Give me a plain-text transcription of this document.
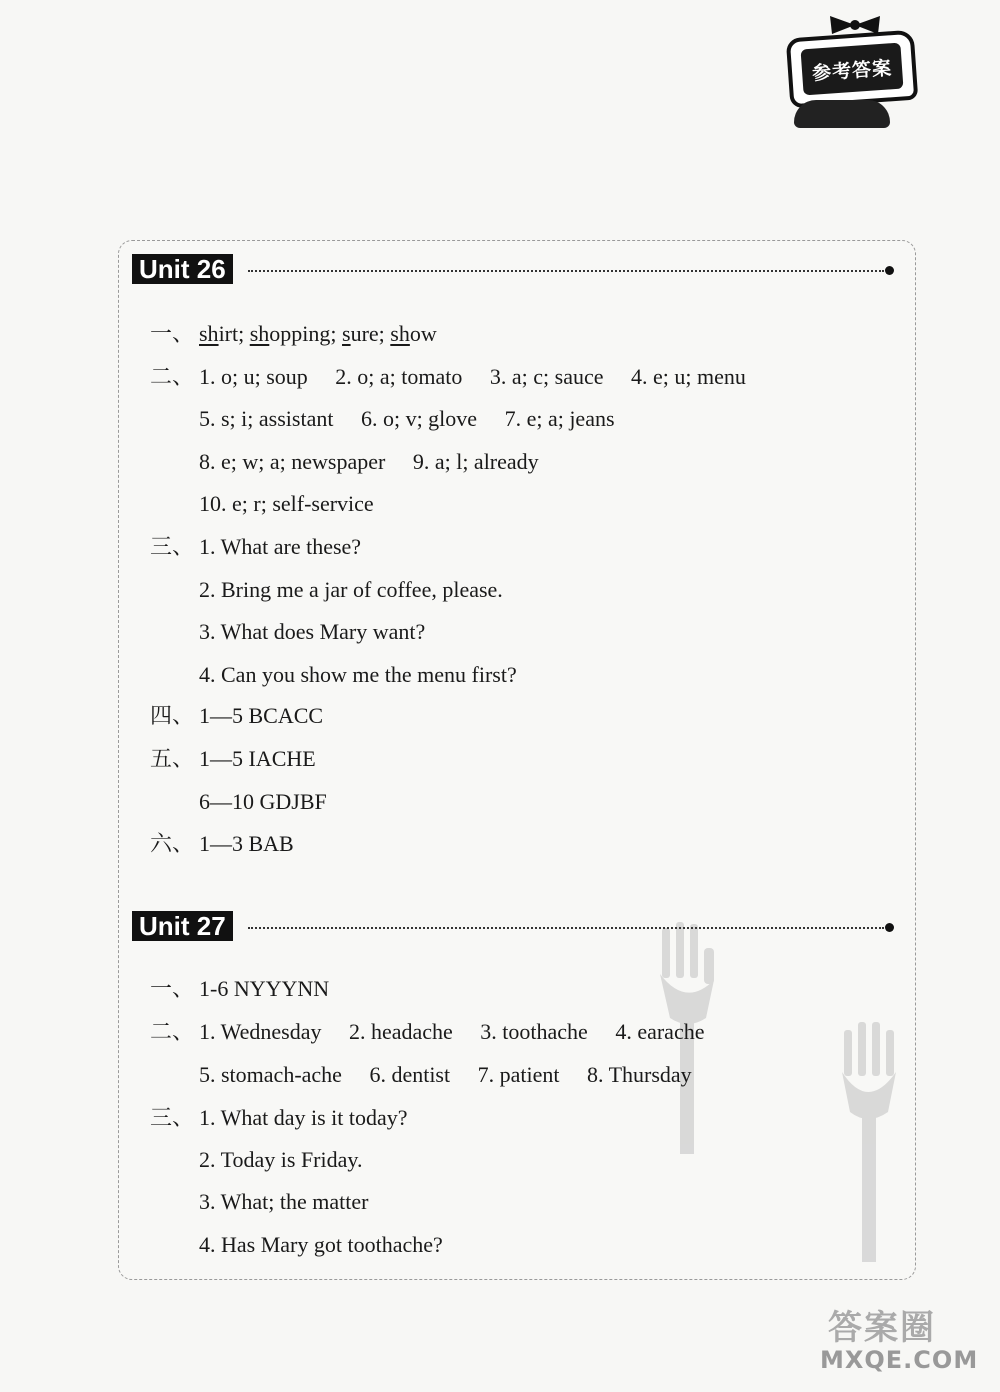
参考答案
Unit 26
一、 shirt; shopping; sure; show
二、 1. o; u; soup 2. o; a; tomato 3. a; c; sauce 4. e; u; menu
5. s; i; assistant 6. o; v; glove 7. e; a; jeans
8. e; w; a; newspaper 9. a; l; already
10. e; r; self-service
三、 1. What are these?
2. Bring me a jar of coffee, please.
3. What does Mary want?
4. Can you show me the menu first?
四、 1—5 BCACC
五、 1—5 IACHE
6—10 GDJBF
六、 1—3 BAB
Unit 27
一、 1-6 NYYYNN
二、 1. Wednesday 2. headache 3. toothache 4. earache
5. stomach-ache 6. dentist 7. patient 8. Thursday
三、 1. What day is it today?
2. Today is Friday.
3. What; the matter
4. Has Mary got toothache?
答案圈
MXQE.COM
